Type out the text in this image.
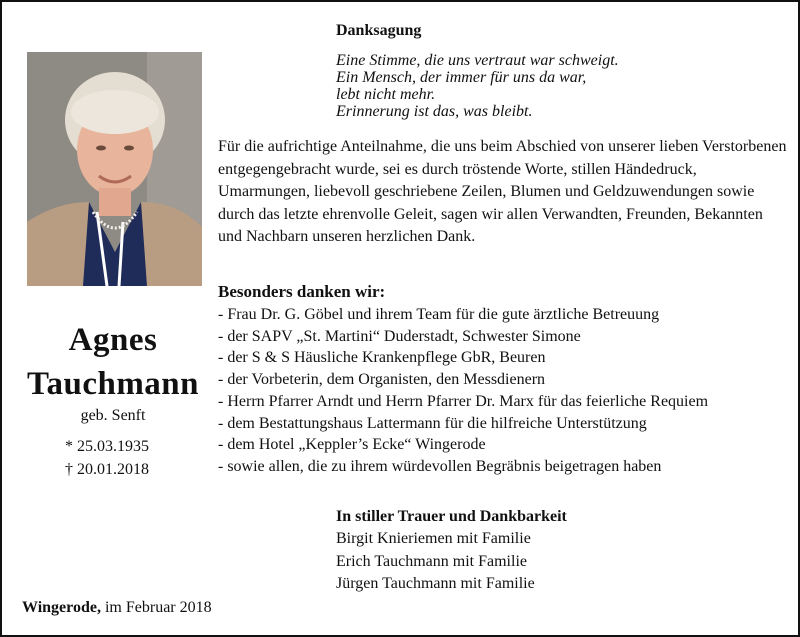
Agnes
Tauchmann
geb. Senft
* 25.03.1935
† 20.01.2018
Danksagung
Eine Stimme, die uns vertraut war schweigt.
Ein Mensch, der immer für uns da war,
lebt nicht mehr.
Erinnerung ist das, was bleibt.
Für die aufrichtige Anteilnahme, die uns beim Abschied von unserer lieben Verstorbenen entgegengebracht wurde, sei es durch tröstende Worte, stillen Händedruck, Umarmungen, liebevoll geschriebene Zeilen, Blumen und Geldzuwendungen sowie durch das letzte ehrenvolle Geleit, sagen wir allen Verwandten, Freunden, Bekannten und Nachbarn unseren herzlichen Dank.
Besonders danken wir:
- Frau Dr. G. Göbel und ihrem Team für die gute ärztliche Betreuung
- der SAPV „St. Martini“ Duderstadt, Schwester Simone
- der S & S Häusliche Krankenpflege GbR, Beuren
- der Vorbeterin, dem Organisten, den Messdienern
- Herrn Pfarrer Arndt und Herrn Pfarrer Dr. Marx für das feierliche Requiem
- dem Bestattungshaus Lattermann für die hilfreiche Unterstützung
- dem Hotel „Keppler’s Ecke“ Wingerode
- sowie allen, die zu ihrem würdevollen Begräbnis beigetragen haben
In stiller Trauer und Dankbarkeit
Birgit Knieriemen mit Familie
Erich Tauchmann mit Familie
Jürgen Tauchmann mit Familie
Wingerode, im Februar 2018
